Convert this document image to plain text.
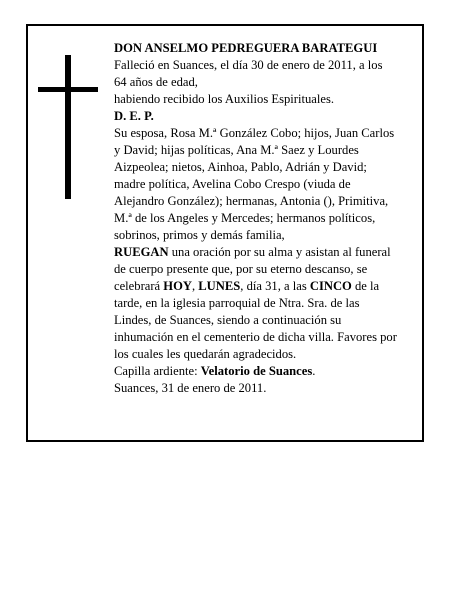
DON ANSELMO PEDREGUERA BARATEGUI
Falleció en Suances, el día 30 de enero de 2011, a los
64 años de edad,
habiendo recibido los Auxilios Espirituales.
D. E. P.
Su esposa, Rosa M.ª González Cobo; hijos, Juan Carlos
y David; hijas políticas, Ana M.ª Saez y Lourdes
Aizpeolea; nietos, Ainhoa, Pablo, Adrián y David;
madre política, Avelina Cobo Crespo (viuda de
Alejandro González); hermanas, Antonia (), Primitiva,
M.ª de los Angeles y Mercedes; hermanos políticos,
sobrinos, primos y demás familia,
RUEGAN una oración por su alma y asistan al funeral
de cuerpo presente que, por su eterno descanso, se
celebrará HOY, LUNES, día 31, a las CINCO de la
tarde, en la iglesia parroquial de Ntra. Sra. de las
Lindes, de Suances, siendo a continuación su
inhumación en el cementerio de dicha villa. Favores por
los cuales les quedarán agradecidos.
Capilla ardiente: Velatorio de Suances.
Suances, 31 de enero de 2011.
